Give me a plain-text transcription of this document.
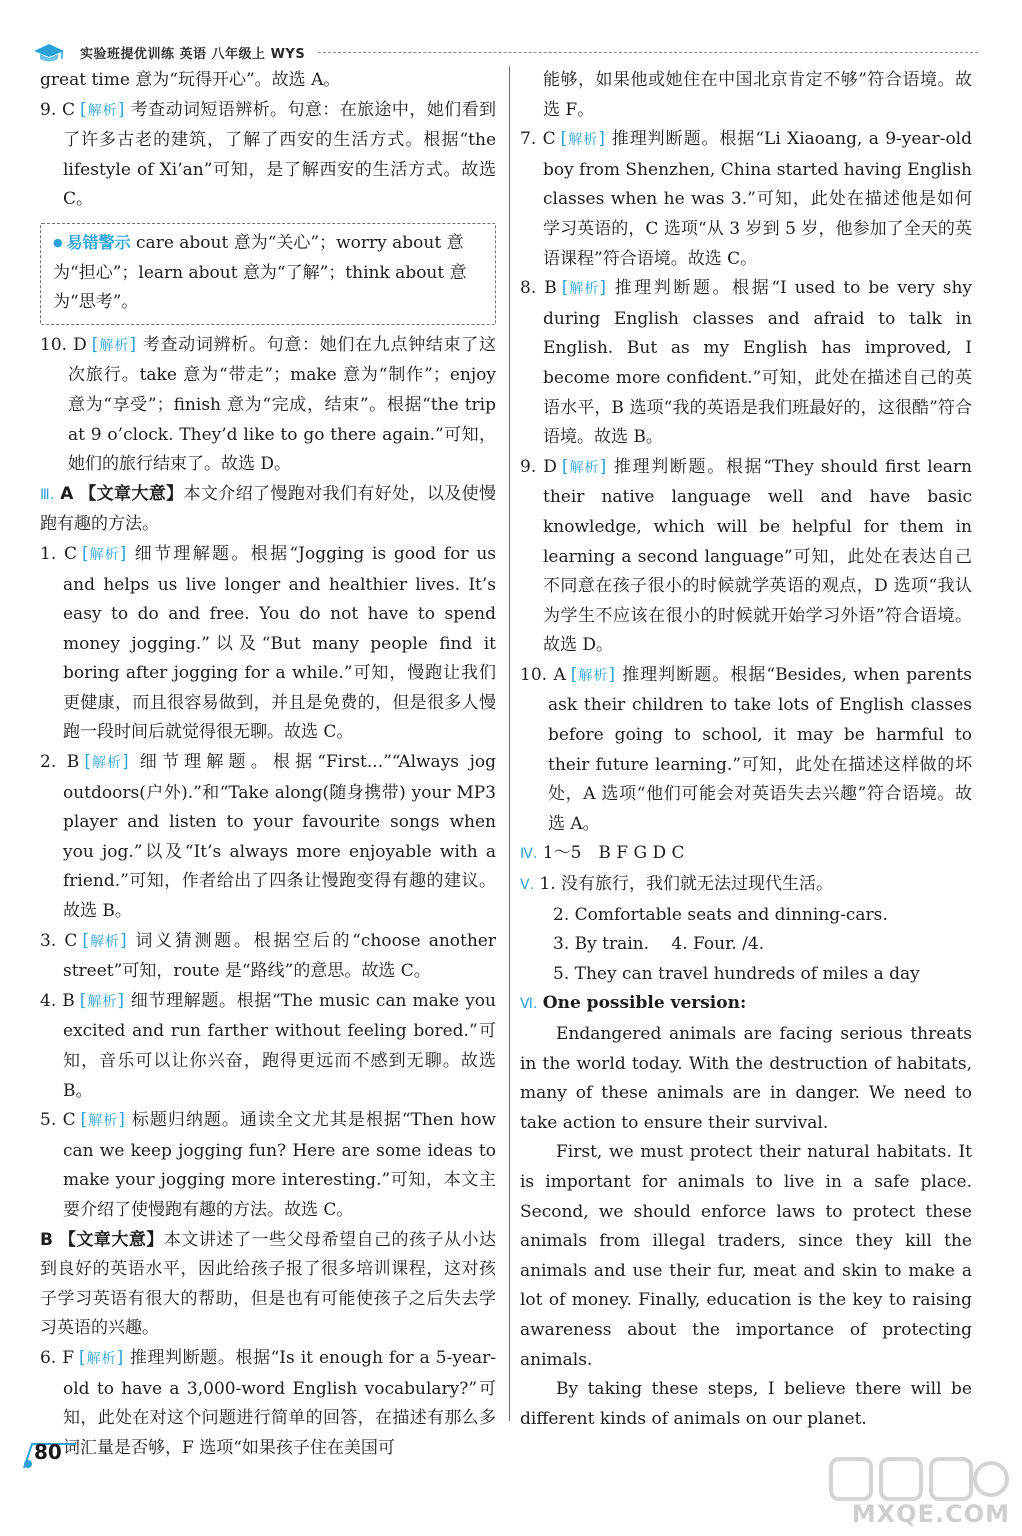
实验班提优训练 英语 八年级上 WYS

great time 意为“玩得开心”。故选 A。

9. C [ 解析 ] 考查动词短语辨析。句意：在旅途中，她们看到了许多古老的建筑，了解了西安的生活方式。根据“the lifestyle of Xi’an”可知，是了解西安的生活方式。故选 C。

● 易错警示 care about 意为“关心”；worry about 意为“担心”；learn about 意为“了解”；think about 意为“思考”。

10. D [ 解析 ] 考查动词辨析。句意：她们在九点钟结束了这次旅行。take 意为“带走”；make 意为“制作”；enjoy 意为“享受”；finish 意为“完成，结束”。根据“the trip at 9 o’clock. They’d like to go there again.”可知，她们的旅行结束了。故选 D。

Ⅲ. A 【文章大意】本文介绍了慢跑对我们有好处，以及使慢跑有趣的方法。

1. C [ 解析 ] 细节理解题。根据“Jogging is good for us and helps us live longer and healthier lives. It’s easy to do and free. You do not have to spend money jogging.”以及“But many people find it boring after jogging for a while.”可知，慢跑让我们更健康，而且很容易做到，并且是免费的，但是很多人慢跑一段时间后就觉得很无聊。故选 C。

2. B [ 解析 ] 细节理解题。根据“First...”“Always jog outdoors(户外).”和“Take along(随身携带) your MP3 player and listen to your favourite songs when you jog.”以及“It’s always more enjoyable with a friend.”可知，作者给出了四条让慢跑变得有趣的建议。故选 B。

3. C [ 解析 ] 词义猜测题。根据空后的“choose another street”可知，route 是“路线”的意思。故选 C。

4. B [ 解析 ] 细节理解题。根据“The music can make you excited and run farther without feeling bored.”可知，音乐可以让你兴奋，跑得更远而不感到无聊。故选 B。

5. C [ 解析 ] 标题归纳题。通读全文尤其是根据“Then how can we keep jogging fun? Here are some ideas to make your jogging more interesting.”可知，本文主要介绍了使慢跑有趣的方法。故选 C。

B 【文章大意】本文讲述了一些父母希望自己的孩子从小达到良好的英语水平，因此给孩子报了很多培训课程，这对孩子学习英语有很大的帮助，但是也有可能使孩子之后失去学习英语的兴趣。

6. F [ 解析 ] 推理判断题。根据“Is it enough for a 5-year-old to have a 3,000-word English vocabulary?”可知，此处在对这个问题进行简单的回答，在描述有那么多词汇量是否够，F 选项“如果孩子住在美国可

能够，如果他或她住在中国北京肯定不够”符合语境。故选 F。

7. C [ 解析 ] 推理判断题。根据“Li Xiaoang, a 9-year-old boy from Shenzhen, China started having English classes when he was 3.”可知，此处在描述他是如何学习英语的，C 选项“从 3 岁到 5 岁，他参加了全天的英语课程”符合语境。故选 C。

8. B [ 解析 ] 推理判断题。根据“I used to be very shy during English classes and afraid to talk in English. But as my English has improved, I become more confident.”可知，此处在描述自己的英语水平，B 选项“我的英语是我们班最好的，这很酷”符合语境。故选 B。

9. D [ 解析 ] 推理判断题。根据“They should first learn their native language well and have basic knowledge, which will be helpful for them in learning a second language”可知，此处在表达自己不同意在孩子很小的时候就学英语的观点，D 选项“我认为学生不应该在很小的时候就开始学习外语”符合语境。故选 D。

10. A [ 解析 ] 推理判断题。根据“Besides, when parents ask their children to take lots of English classes before going to school, it may be harmful to their future learning.”可知，此处在描述这样做的坏处，A 选项“他们可能会对英语失去兴趣”符合语境。故选 A。

Ⅳ. 1～5　B F G D C

Ⅴ. 1. 没有旅行，我们就无法过现代生活。

2. Comfortable seats and dinning-cars.

3. By train.　 4. Four. /4.

5. They can travel hundreds of miles a day

Ⅵ. One possible version:

Endangered animals are facing serious threats in the world today. With the destruction of habitats, many of these animals are in danger. We need to take action to ensure their survival.

First, we must protect their natural habitats. It is important for animals to live in a safe place. Second, we should enforce laws to protect these animals from illegal traders, since they kill the animals and use their fur, meat and skin to make a lot of money. Finally, education is the key to raising awareness about the importance of protecting animals.

By taking these steps, I believe there will be different kinds of animals on our planet.

80
MXQE.COM
